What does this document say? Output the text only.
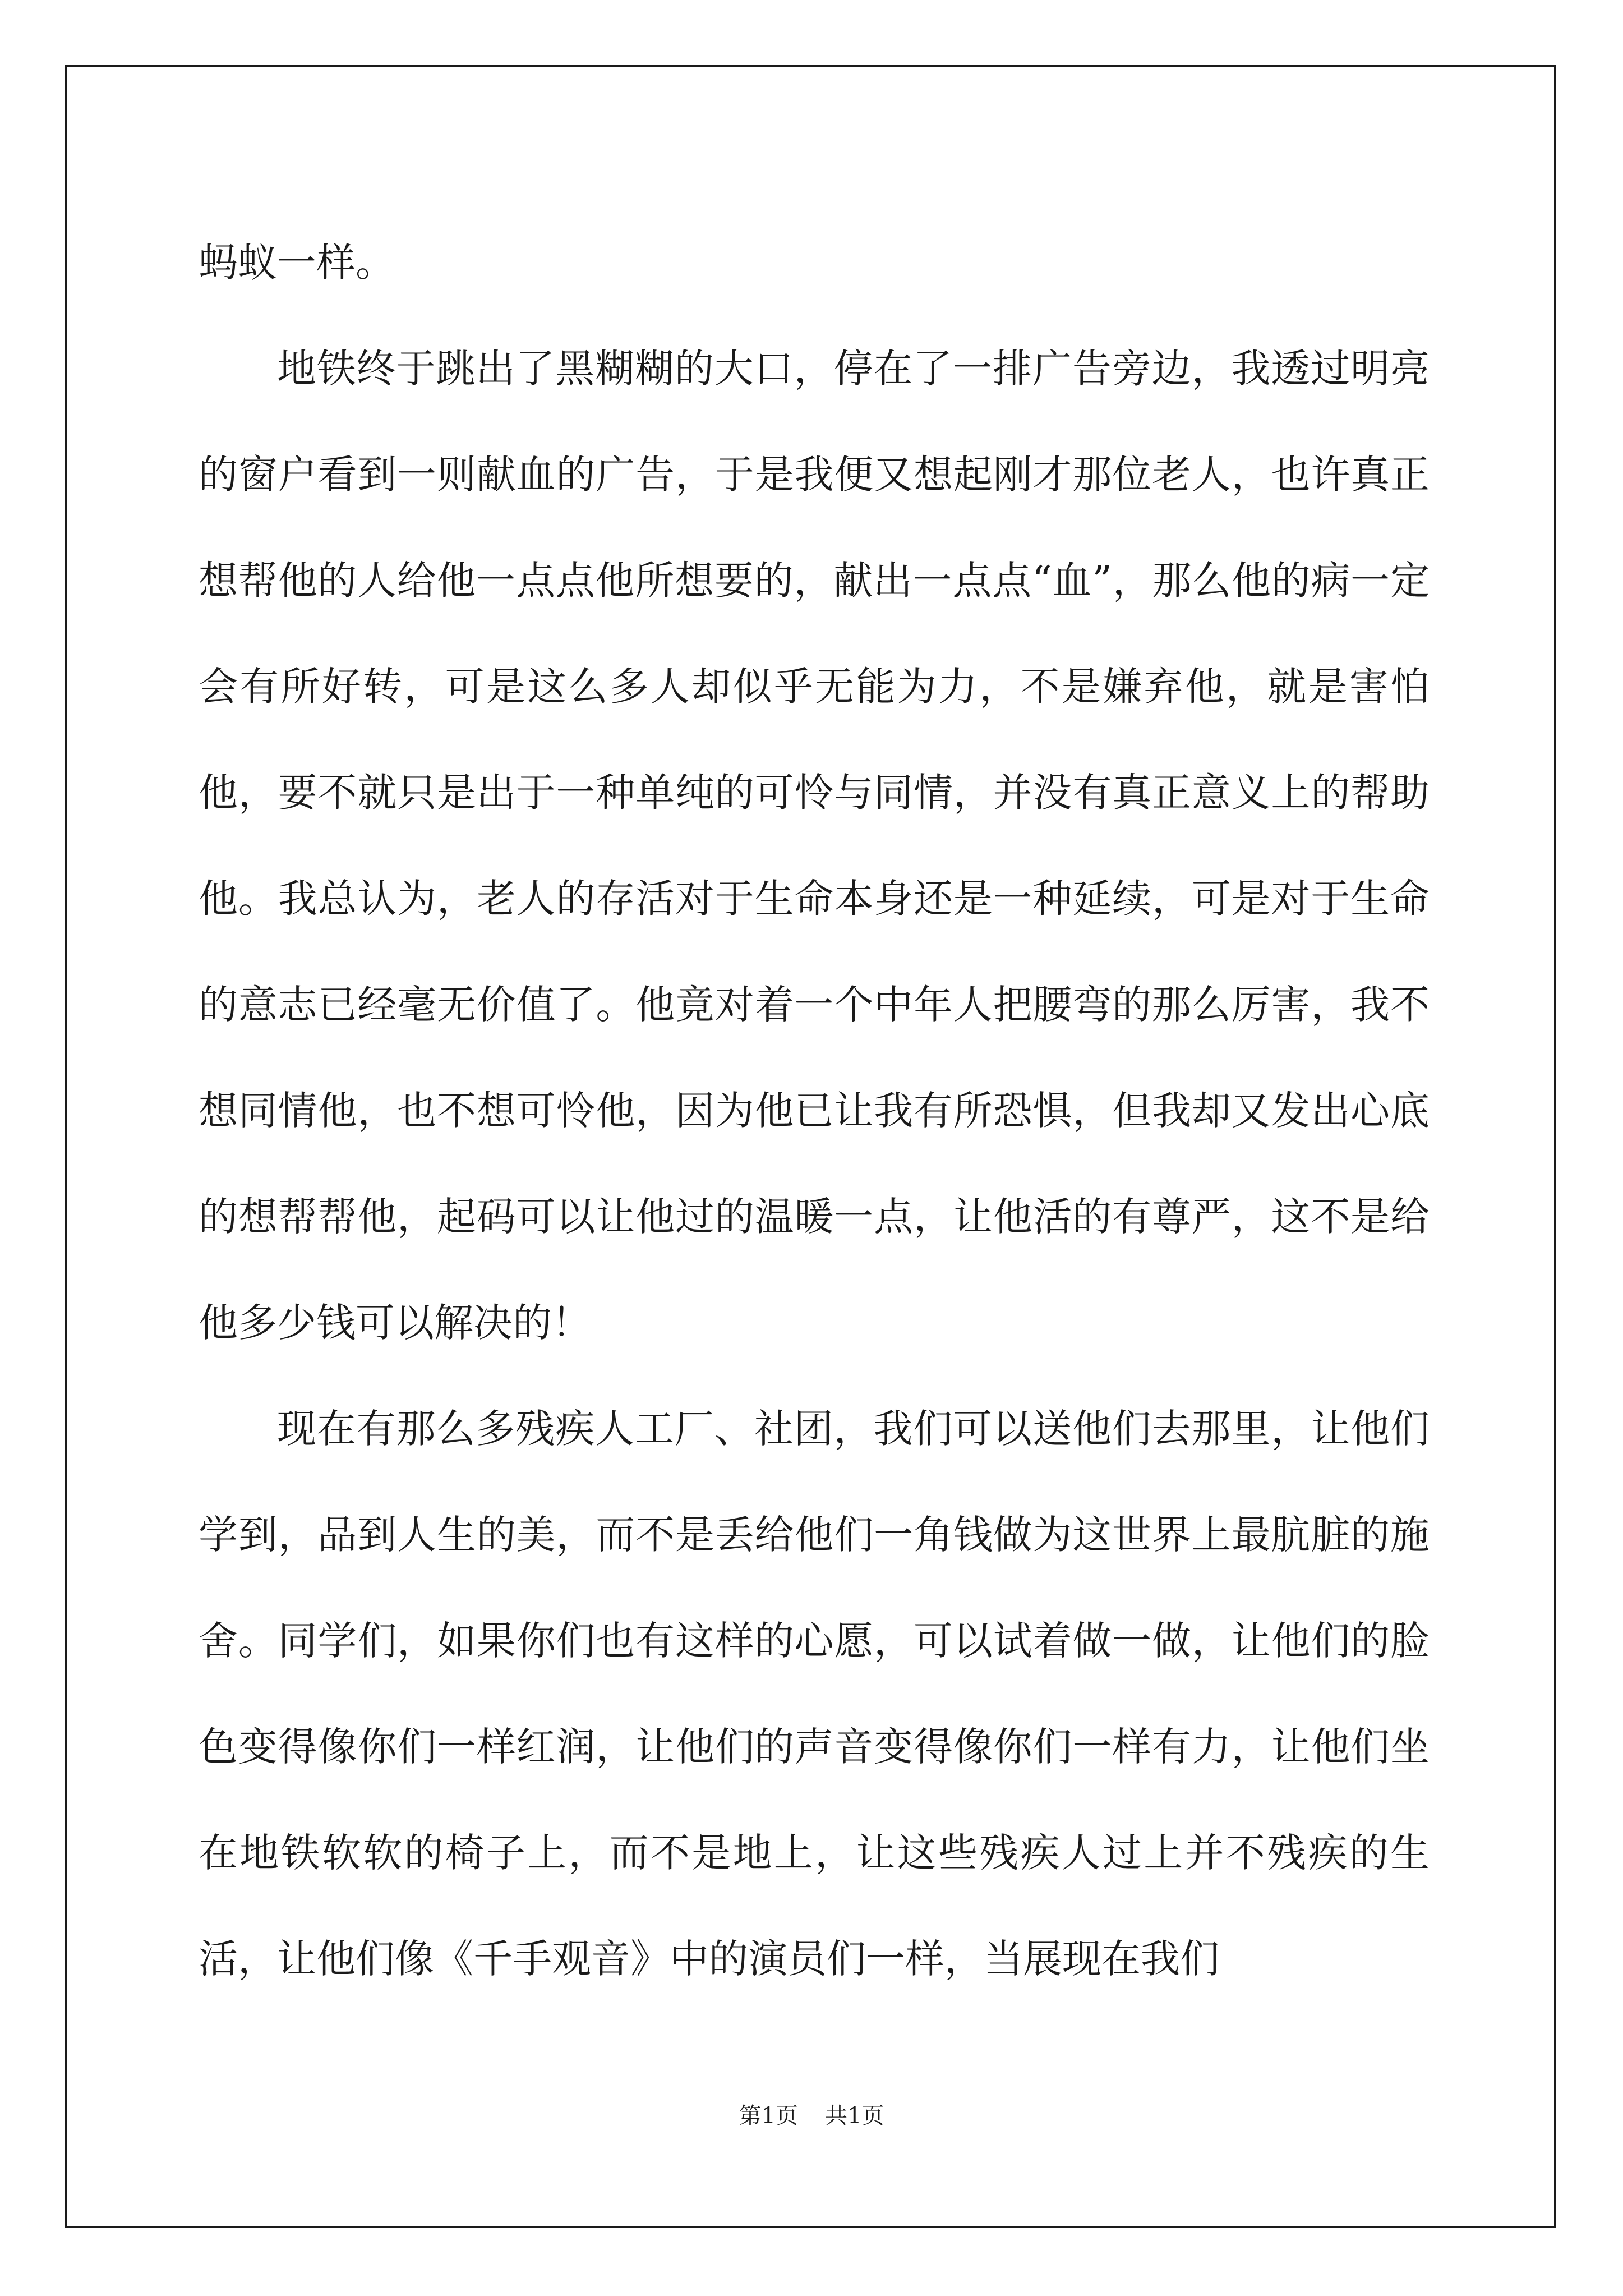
蚂蚁一样。

地铁终于跳出了黑糊糊的大口，停在了一排广告旁边，我透过明亮的窗户看到一则献血的广告，于是我便又想起刚才那位老人，也许真正想帮他的人给他一点点他所想要的，献出一点点“血”，那么他的病一定会有所好转，可是这么多人却似乎无能为力，不是嫌弃他，就是害怕他，要不就只是出于一种单纯的可怜与同情，并没有真正意义上的帮助他。我总认为，老人的存活对于生命本身还是一种延续，可是对于生命的意志已经毫无价值了。他竟对着一个中年人把腰弯的那么厉害，我不想同情他，也不想可怜他，因为他已让我有所恐惧，但我却又发出心底的想帮帮他，起码可以让他过的温暖一点，让他活的有尊严，这不是给他多少钱可以解决的！

现在有那么多残疾人工厂、社团，我们可以送他们去那里，让他们学到，品到人生的美，而不是丢给他们一角钱做为这世界上最肮脏的施舍。同学们，如果你们也有这样的心愿，可以试着做一做，让他们的脸色变得像你们一样红润，让他们的声音变得像你们一样有力，让他们坐在地铁软软的椅子上，而不是地上，让这些残疾人过上并不残疾的生活，让他们像《千手观音》中的演员们一样，当展现在我们

第1页 共1页
